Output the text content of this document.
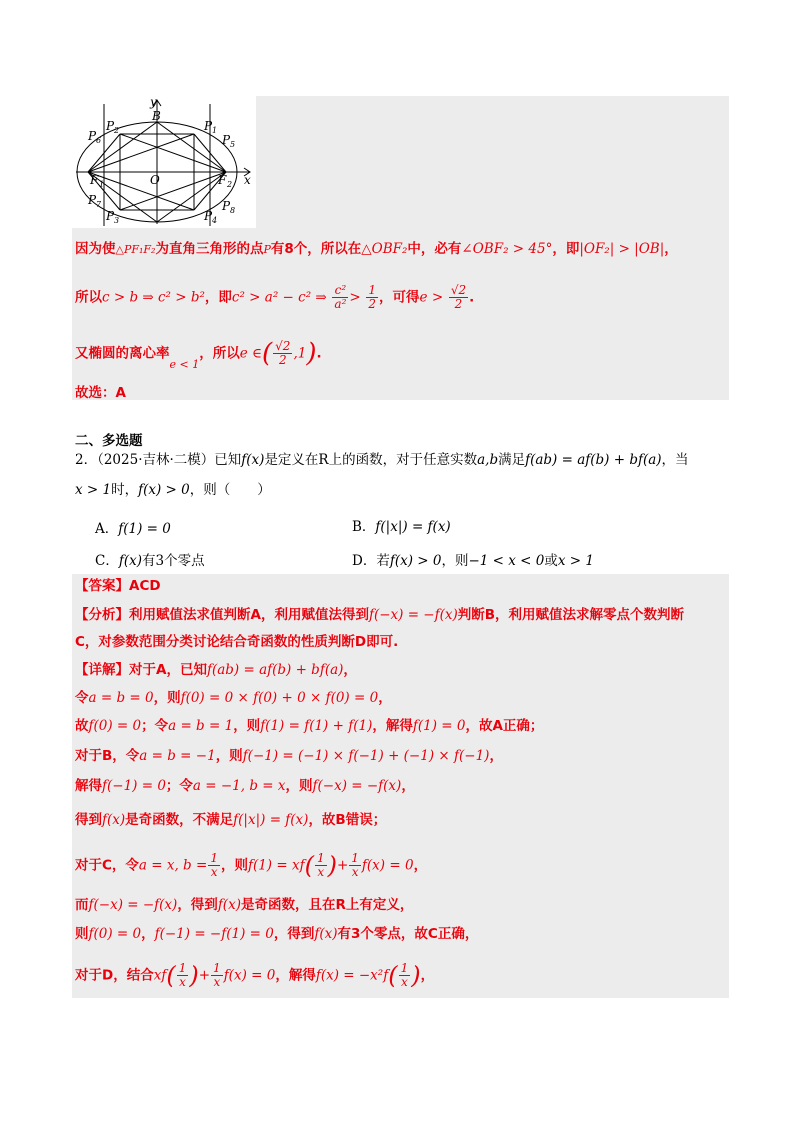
y
x
B
O
F 1	F 2
P 1
P 2
P 3	P 4
P 5
P 6
P 7	P 8
因为使△PF₁F₂为直角三角形的点P有8个，所以在△OBF₂中，必有∠OBF₂ > 45°，即|OF₂| > |OB|，
所以c > b ⇒ c² > b²，即c² > a² − c² ⇒ $\frac{\text{c²}}{\text{a²}} > \frac{1}{2}$ ，可得$e > \frac{√2}{2}$ .
又椭圆的离心率$_{e < 1}$，所以e ∈( $\frac{√2}{2} ,1$).
故选：A
二、多选题
2．（2025·吉林·二模）已知f(x)是定义在R上的函数，对于任意实数a,b满足f(ab) = af(b) + bf(a)，当
x > 1时，f(x) > 0，则（　　）
A．f(1) = 0	B．f(|x|) = f(x)
C．f(x)有3个零点	D．若f(x) > 0，则−1 < x < 0或x > 1
【答案】ACD
【分析】利用赋值法求值判断A，利用赋值法得到f(−x) = −f(x)判断B，利用赋值法求解零点个数判断
C，对参数范围分类讨论结合奇函数的性质判断D即可.
【详解】对于A，已知f(ab) = af(b) + bf(a)，
令a = b = 0，则f(0) = 0 × f(0) + 0 × f(0) = 0，
故f(0) = 0；令a = b = 1，则f(1) = f(1) + f(1)，解得f(1) = 0，故A正确；
对于B，令a = b = −1，则f(−1) = (−1) × f(−1) + (−1) × f(−1)，
解得f(−1) = 0；令a = −1, b = x，则f(−x) = −f(x)，
得到f(x)是奇函数，不满足f(|x|) = f(x)，故B错误；
对于C，令a = x, $b = \frac{1}{x}$ ，则$f(1) = xf( \frac{1}{x}$ )+ $\frac{1}{x} f(x) = 0$，
而f(−x) = −f(x)，得到f(x)是奇函数，且在R上有定义，
则f(0) = 0，f(−1) = −f(1) = 0，得到f(x)有3个零点，故C正确，
对于D，结合$xf( \frac{1}{x}$ )+ $\frac{1}{x} f(x) = 0$，解得$f(x) = -x^2f( \frac{1}{x}$ )，
